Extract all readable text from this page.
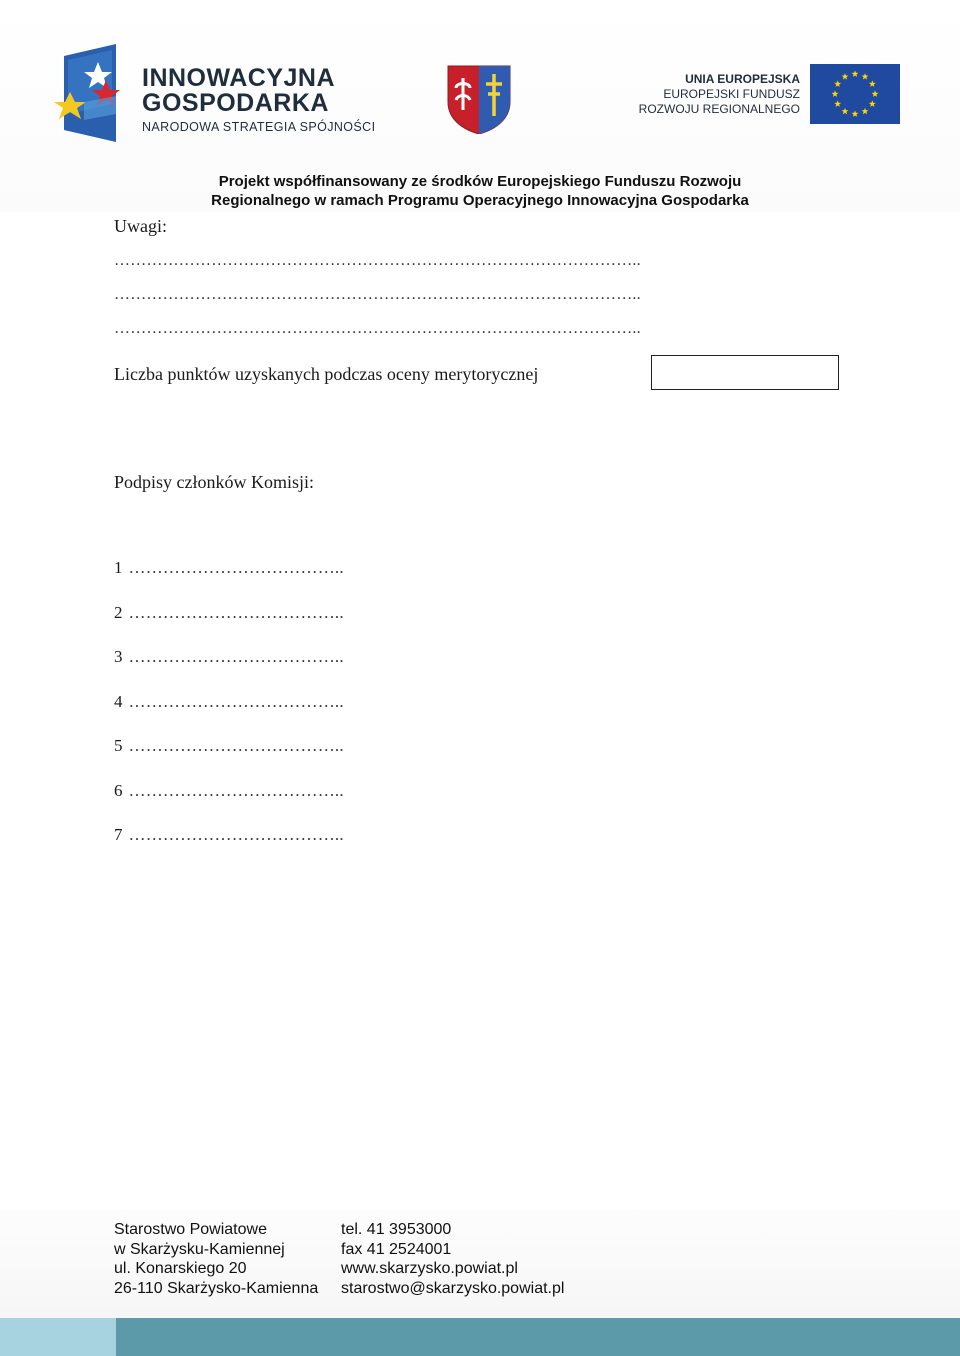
INNOWACYJNA
GOSPODARKA
NARODOWA STRATEGIA SPÓJNOŚCI
UNIA EUROPEJSKA
EUROPEJSKI FUNDUSZ
ROZWOJU REGIONALNEGO
Projekt współfinansowany ze środków Europejskiego Funduszu Rozwoju
Regionalnego w ramach Programu Operacyjnego Innowacyjna Gospodarka
Uwagi:
……………………………………………………………………………………..
……………………………………………………………………………………..
……………………………………………………………………………………..
Liczba punktów uzyskanych podczas oceny merytorycznej
Podpisy członków Komisji:
1 ………………………………..
2 ………………………………..
3 ………………………………..
4 ………………………………..
5 ………………………………..
6 ………………………………..
7 ………………………………..
Starostwo Powiatowe
w Skarżysku-Kamiennej
ul. Konarskiego 20
26-110 Skarżysko-Kamienna
tel. 41 3953000
fax 41 2524001
www.skarzysko.powiat.pl
starostwo@skarzysko.powiat.pl
